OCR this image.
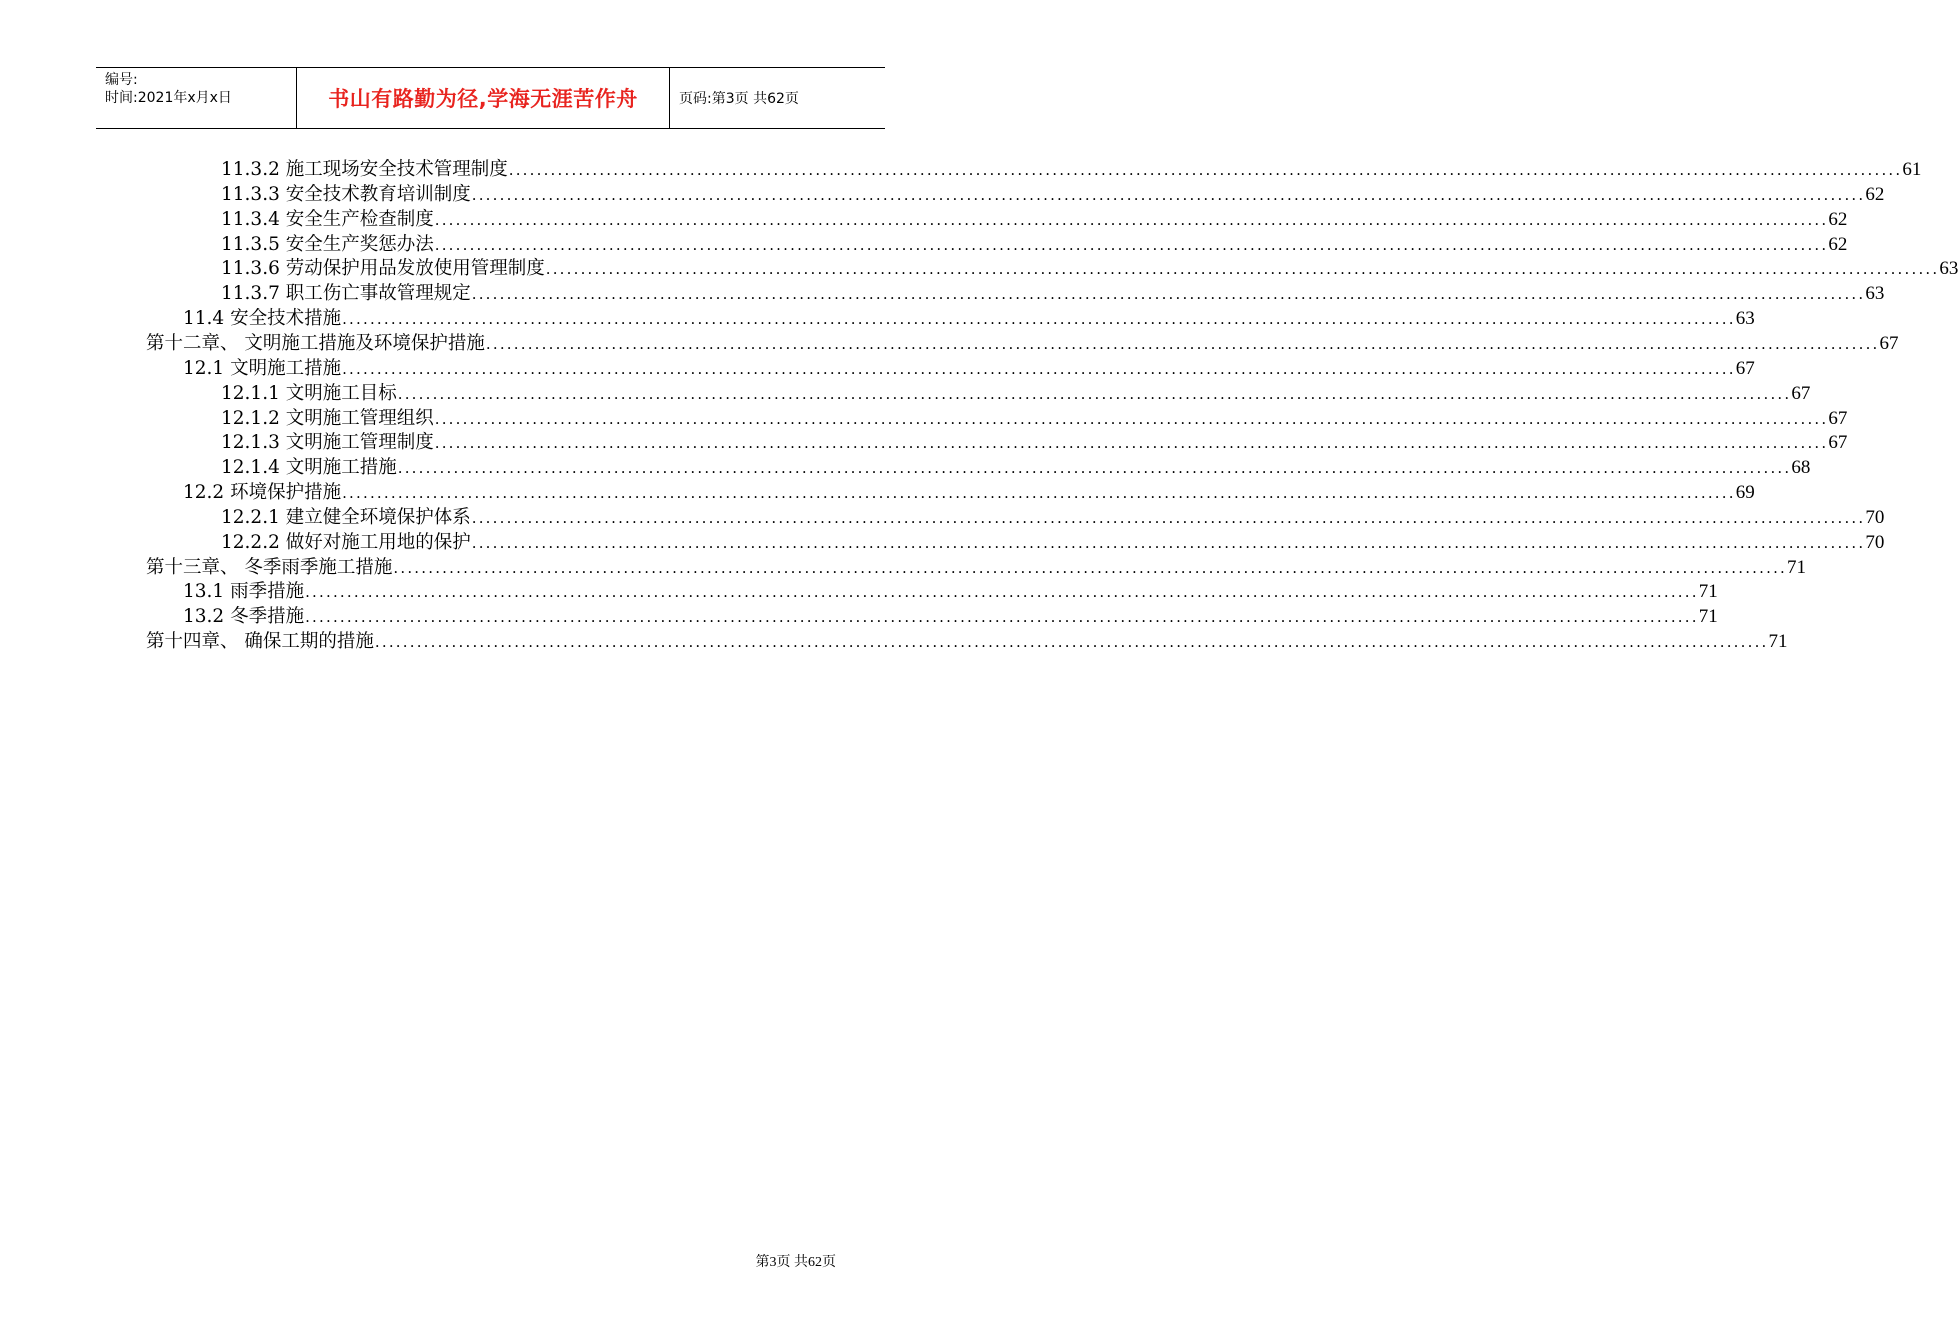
编号:
时间:2021年x月x日	书山有路勤为径,学海无涯苦作舟	页码:第3页 共62页
11.3.2 施工现场安全技术管理制度 ........................................................................................................................................................................................................ 61
11.3.3 安全技术教育培训制度 ........................................................................................................................................................................................................ 62
11.3.4 安全生产检查制度 ........................................................................................................................................................................................................ 62
11.3.5 安全生产奖惩办法 ........................................................................................................................................................................................................ 62
11.3.6 劳动保护用品发放使用管理制度 ........................................................................................................................................................................................................ 63
11.3.7 职工伤亡事故管理规定 ........................................................................................................................................................................................................ 63
11.4 安全技术措施 ........................................................................................................................................................................................................ 63
第十二章、 文明施工措施及环境保护措施 ........................................................................................................................................................................................................ 67
12.1 文明施工措施 ........................................................................................................................................................................................................ 67
12.1.1 文明施工目标 ........................................................................................................................................................................................................ 67
12.1.2 文明施工管理组织 ........................................................................................................................................................................................................ 67
12.1.3 文明施工管理制度 ........................................................................................................................................................................................................ 67
12.1.4 文明施工措施 ........................................................................................................................................................................................................ 68
12.2 环境保护措施 ........................................................................................................................................................................................................ 69
12.2.1 建立健全环境保护体系 ........................................................................................................................................................................................................ 70
12.2.2 做好对施工用地的保护 ........................................................................................................................................................................................................ 70
第十三章、 冬季雨季施工措施 ........................................................................................................................................................................................................ 71
13.1 雨季措施 ........................................................................................................................................................................................................ 71
13.2 冬季措施 ........................................................................................................................................................................................................ 71
第十四章、 确保工期的措施 ........................................................................................................................................................................................................ 71
第3页 共62页
